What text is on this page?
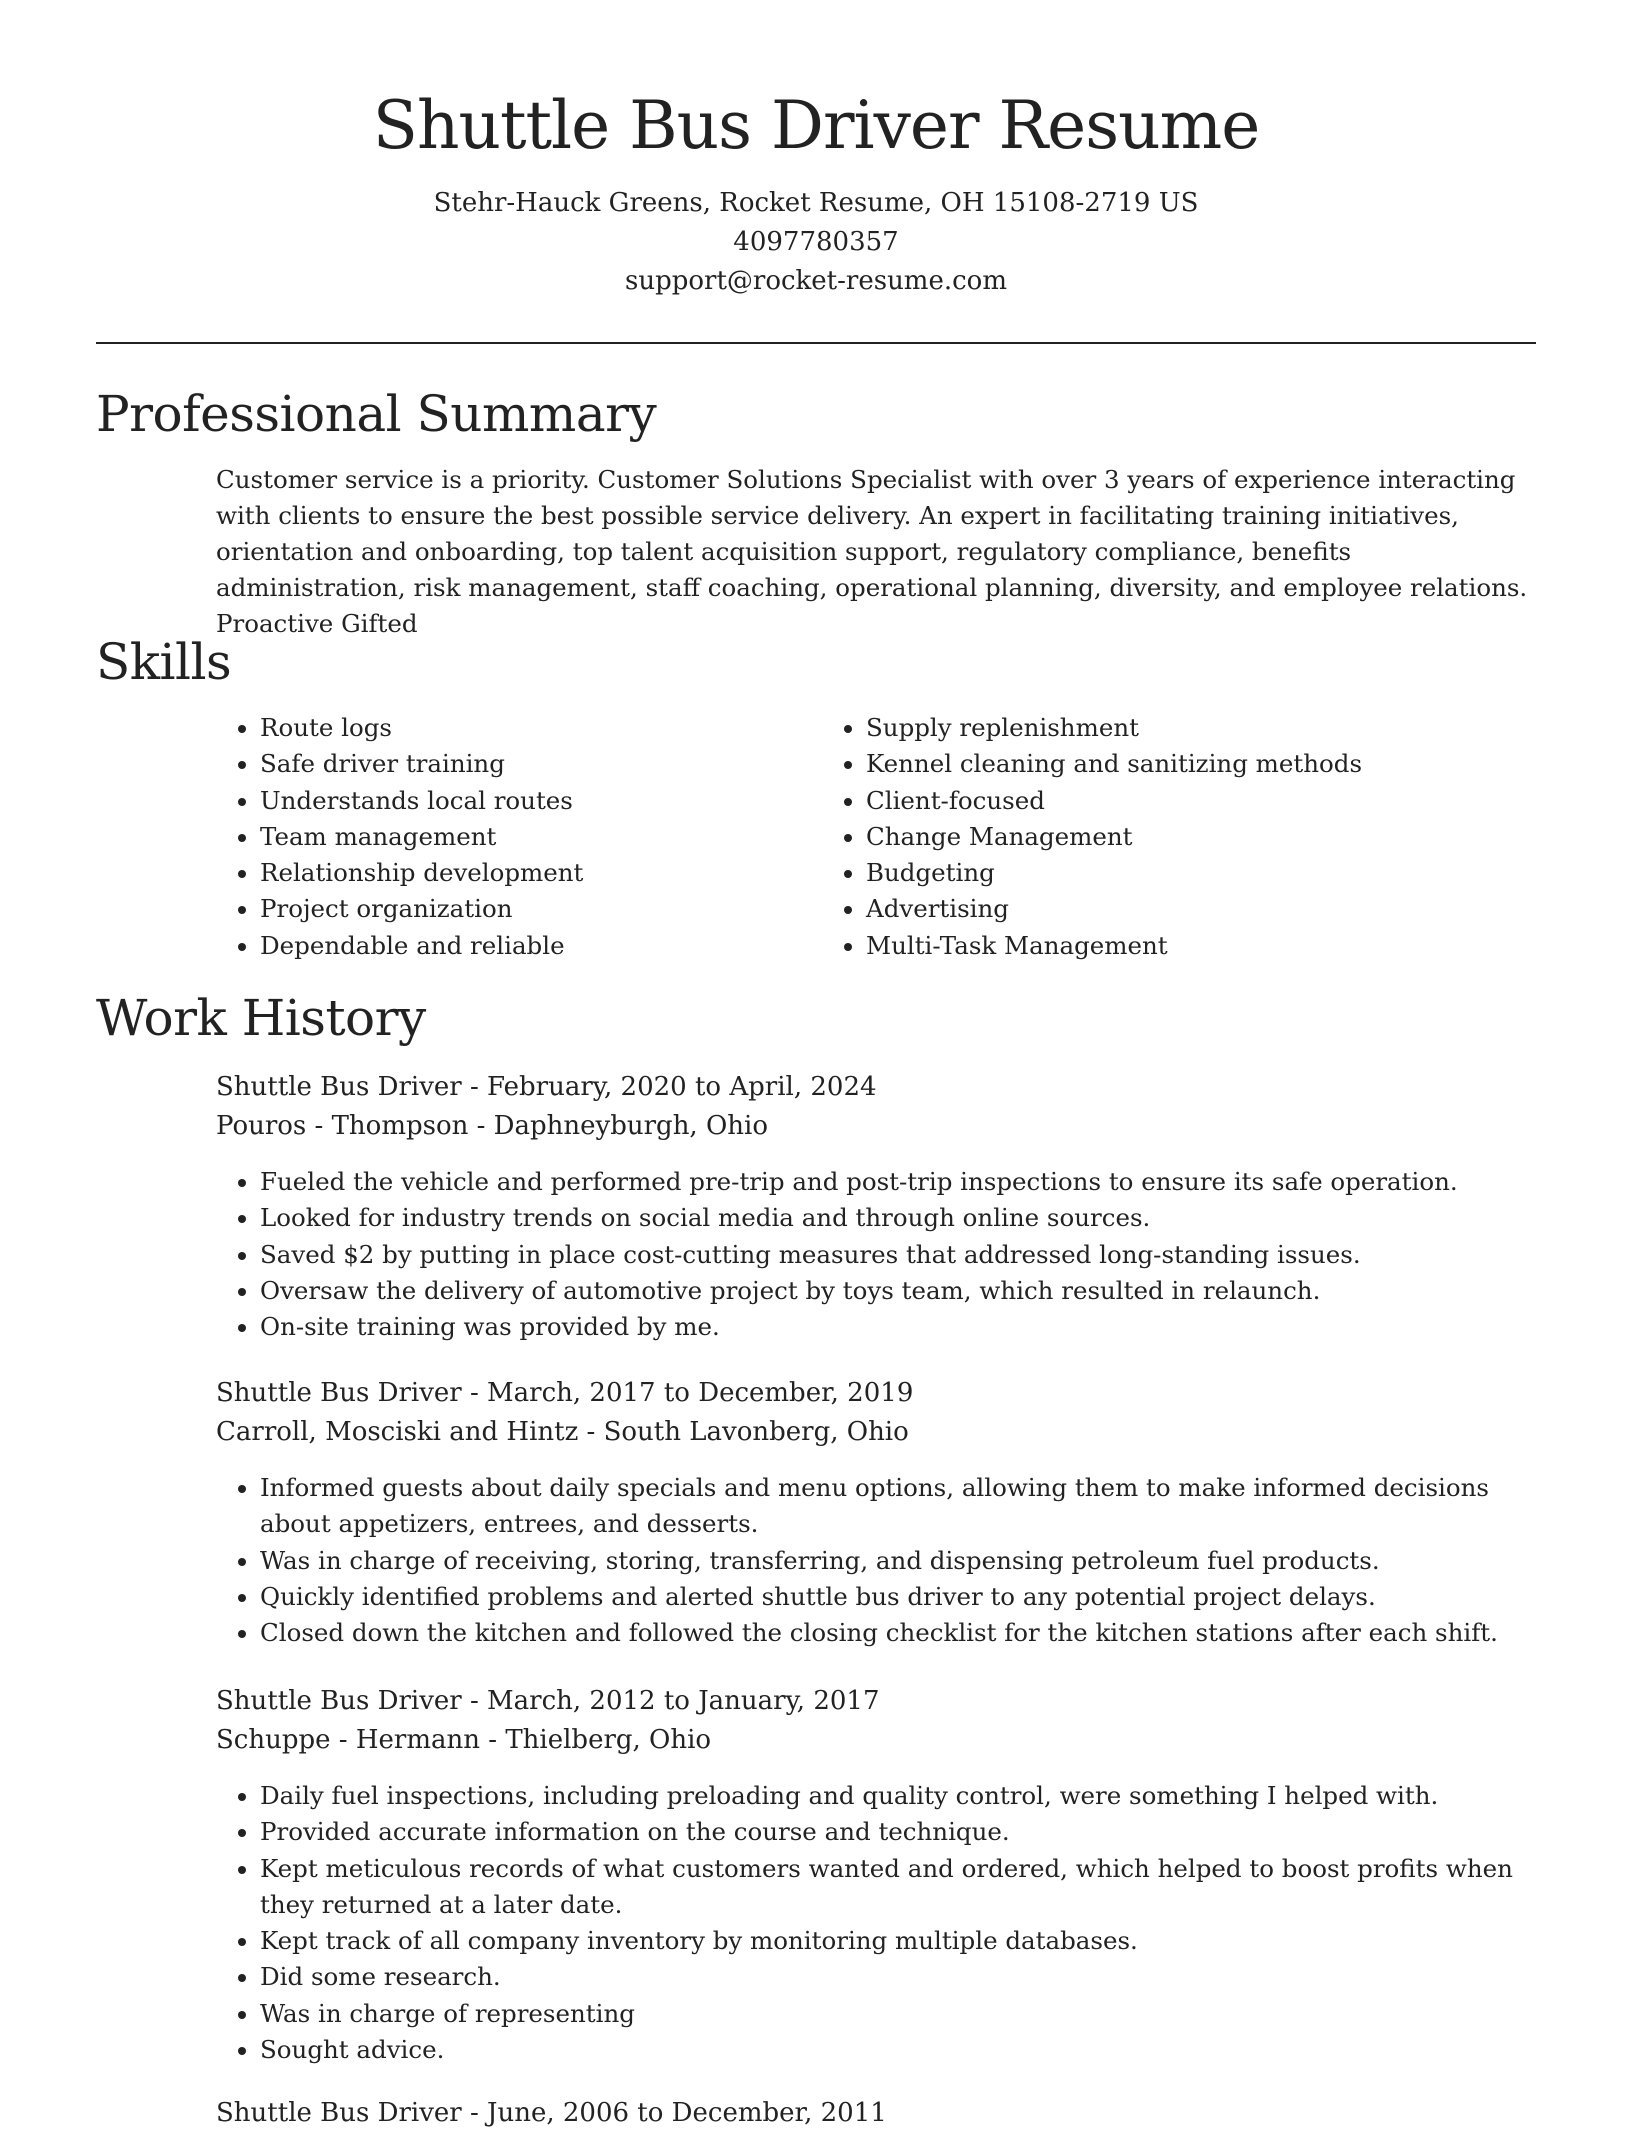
Shuttle Bus Driver Resume
Stehr-Hauck Greens, Rocket Resume, OH 15108-2719 US
4097780357
support@rocket-resume.com
Professional Summary

Customer service is a priority. Customer Solutions Specialist with over 3 years of experience interacting with clients to ensure the best possible service delivery. An expert in facilitating training initiatives, orientation and onboarding, top talent acquisition support, regulatory compliance, benefits administration, risk management, staff coaching, operational planning, diversity, and employee relations. Proactive Gifted

Skills
• Route logs
• Safe driver training
• Understands local routes
• Team management
• Relationship development
• Project organization
• Dependable and reliable
• Supply replenishment
• Kennel cleaning and sanitizing methods
• Client-focused
• Change Management
• Budgeting
• Advertising
• Multi-Task Management
Work History

Shuttle Bus Driver - February, 2020 to April, 2024

Pouros - Thompson - Daphneyburgh, Ohio

• Fueled the vehicle and performed pre-trip and post-trip inspections to ensure its safe operation.
• Looked for industry trends on social media and through online sources.
• Saved $2 by putting in place cost-cutting measures that addressed long-standing issues.
• Oversaw the delivery of automotive project by toys team, which resulted in relaunch.
• On-site training was provided by me.

Shuttle Bus Driver - March, 2017 to December, 2019

Carroll, Mosciski and Hintz - South Lavonberg, Ohio

• Informed guests about daily specials and menu options, allowing them to make informed decisions about appetizers, entrees, and desserts.
• Was in charge of receiving, storing, transferring, and dispensing petroleum fuel products.
• Quickly identified problems and alerted shuttle bus driver to any potential project delays.
• Closed down the kitchen and followed the closing checklist for the kitchen stations after each shift.

Shuttle Bus Driver - March, 2012 to January, 2017

Schuppe - Hermann - Thielberg, Ohio

• Daily fuel inspections, including preloading and quality control, were something I helped with.
• Provided accurate information on the course and technique.
• Kept meticulous records of what customers wanted and ordered, which helped to boost profits when they returned at a later date.
• Kept track of all company inventory by monitoring multiple databases.
• Did some research.
• Was in charge of representing
• Sought advice.

Shuttle Bus Driver - June, 2006 to December, 2011
